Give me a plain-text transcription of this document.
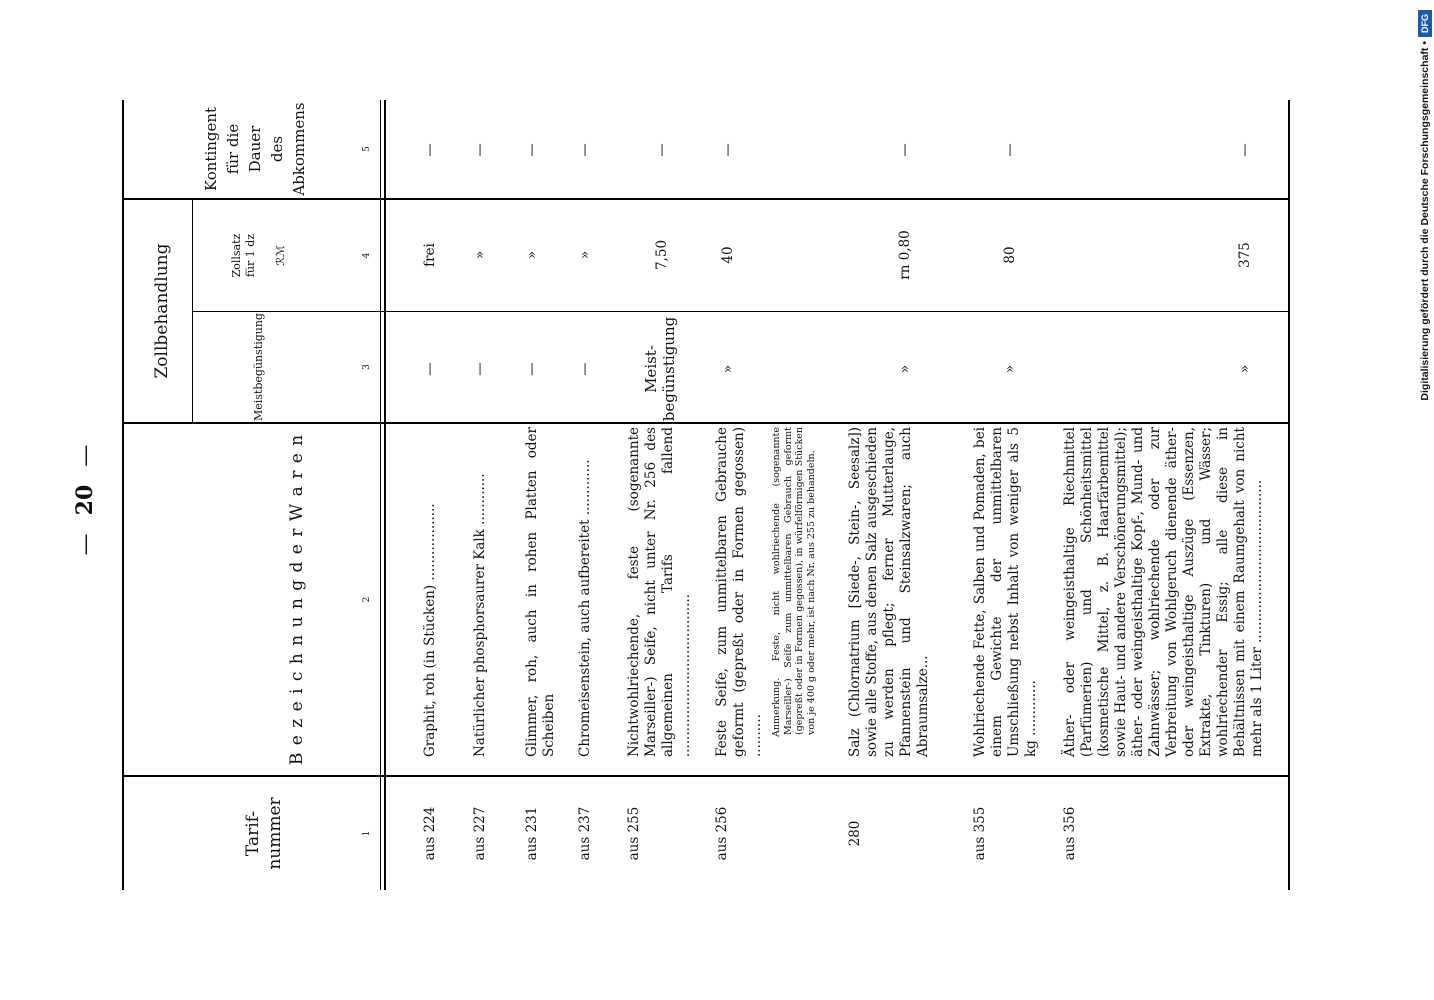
—20—
Tarif-
nummer
B e z e i c h n u n g d e r W a r e n
Zollbehandlung	Meistbegünstigung
Zollsatz
für 1 dz
ℛℳ
Kontingent
für die Dauer
des Abkommens
1
2
3
4
5
aus 224
Graphit, roh (in Stücken) ..................
—
frei
—
aus 227
Natürlicher phosphorsaurer Kalk ............
—
»
—
aus 231
Glimmer, roh, auch in rohen Platten oder Scheiben
—
»
—
aus 237
Chromeisenstein, auch aufbereitet .............
—
»
—
aus 255
Nichtwohlriechende, feste (sogenannte Marseiller-) Seife, nicht unter Nr. 256 des allgemeinen Tarifs fallend ......................................
Meist-
begünstigung
7,50
—
aus 256
Feste Seife, zum unmittelbaren Gebrauche geformt (gepreßt oder in Formen gegossen) .......... Anmerkung. Feste, nicht wohlriechende (sogenannte Marseiller-) Seife zum unmittelbaren Gebrauch geformt (gepreßt oder in Formen gegossen), in würfelförmigen Stücken von je 400 g oder mehr, ist nach Nr. aus 255 zu behandeln.
»
40
—
280
Salz (Chlornatrium [Siede-, Stein-, Seesalz]) sowie alle Stoffe, aus denen Salz ausgeschieden zu werden pflegt; ferner Mutterlauge, Pfannenstein und Steinsalzwaren; auch Abraumsalze...
»
rn 0,80
—
aus 355
Wohlriechende Fette, Salben und Pomaden, bei einem Gewichte der unmittelbaren Umschließung nebst Inhalt von weniger als 5 kg .............
»
80
—
aus 356
Äther- oder weingeisthaltige Riechmittel (Parfümerien) und Schönheitsmittel (kosmetische Mittel, z. B. Haarfärbemittel sowie Haut- und andere Verschönerungsmittel); äther- oder weingeisthaltige Kopf-, Mund- und Zahnwässer; wohlriechende oder zur Verbreitung von Wohlgeruch dienende äther- oder weingeisthaltige Auszüge (Essenzen, Extrakte, Tinkturen) und Wässer; wohlriechender Essig; alle diese in Behältnissen mit einem Raumgehalt von nicht mehr als 1 Liter ......................................
»
375
—	Digitalisierung gefördert durch die Deutsche Forschungsgemeinschaft •
DFG
